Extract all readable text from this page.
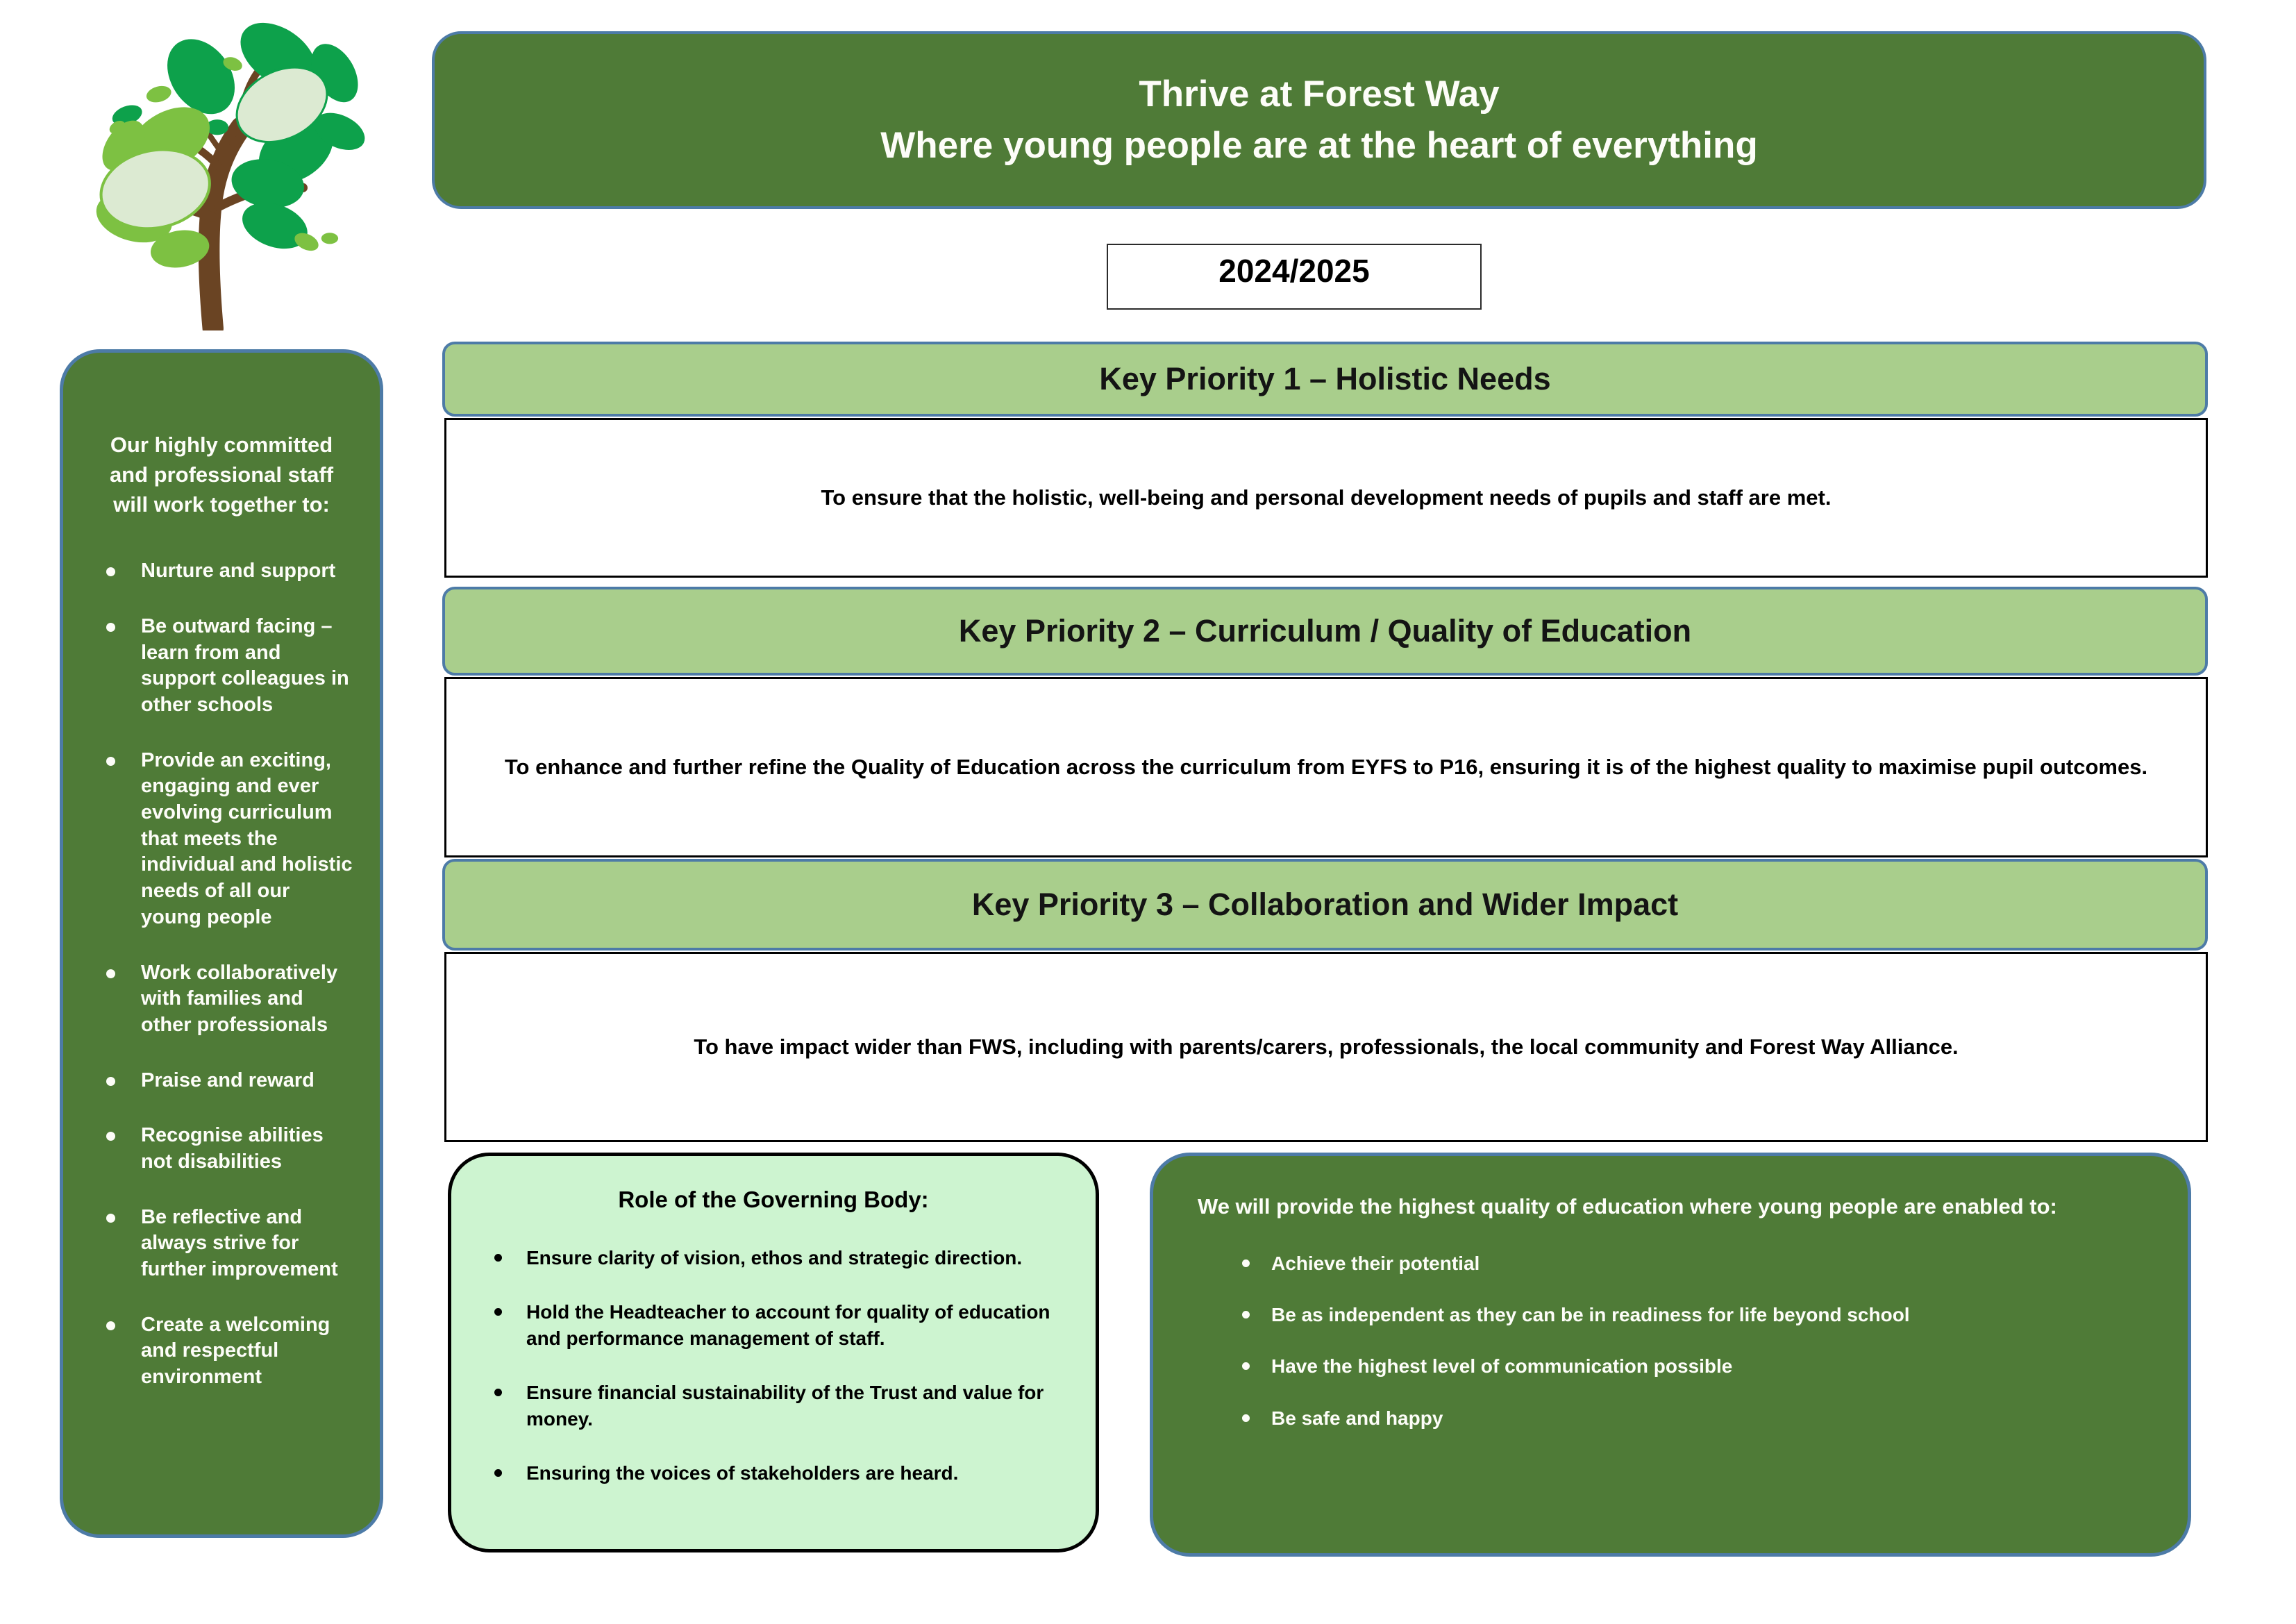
Thrive at Forest Way
Where young people are at the heart of everything
2024/2025

Our highly committed and professional staff will work together to:

Nurture and support
Be outward facing – learn from and support colleagues in other schools
Provide an exciting, engaging and ever evolving curriculum that meets the individual and holistic needs of all our young people
Work collaboratively with families and other professionals
Praise and reward
Recognise abilities not disabilities
Be reflective and always strive for further improvement
Create a welcoming and respectful environment
Key Priority 1 – Holistic Needs
To ensure that the holistic, well-being and personal development needs of pupils and staff are met.
Key Priority 2 – Curriculum / Quality of Education
To enhance and further refine the Quality of Education across the curriculum from EYFS to P16, ensuring it is of the highest quality to maximise pupil outcomes.
Key Priority 3 – Collaboration and Wider Impact
To have impact wider than FWS, including with parents/carers, professionals, the local community and Forest Way Alliance.

Role of the Governing Body:

Ensure clarity of vision, ethos and strategic direction.
Hold the Headteacher to account for quality of education and performance management of staff.
Ensure financial sustainability of the Trust and value for money.
Ensuring the voices of stakeholders are heard.

We will provide the highest quality of education where young people are enabled to:

Achieve their potential
Be as independent as they can be in readiness for life beyond school
Have the highest level of communication possible
Be safe and happy
